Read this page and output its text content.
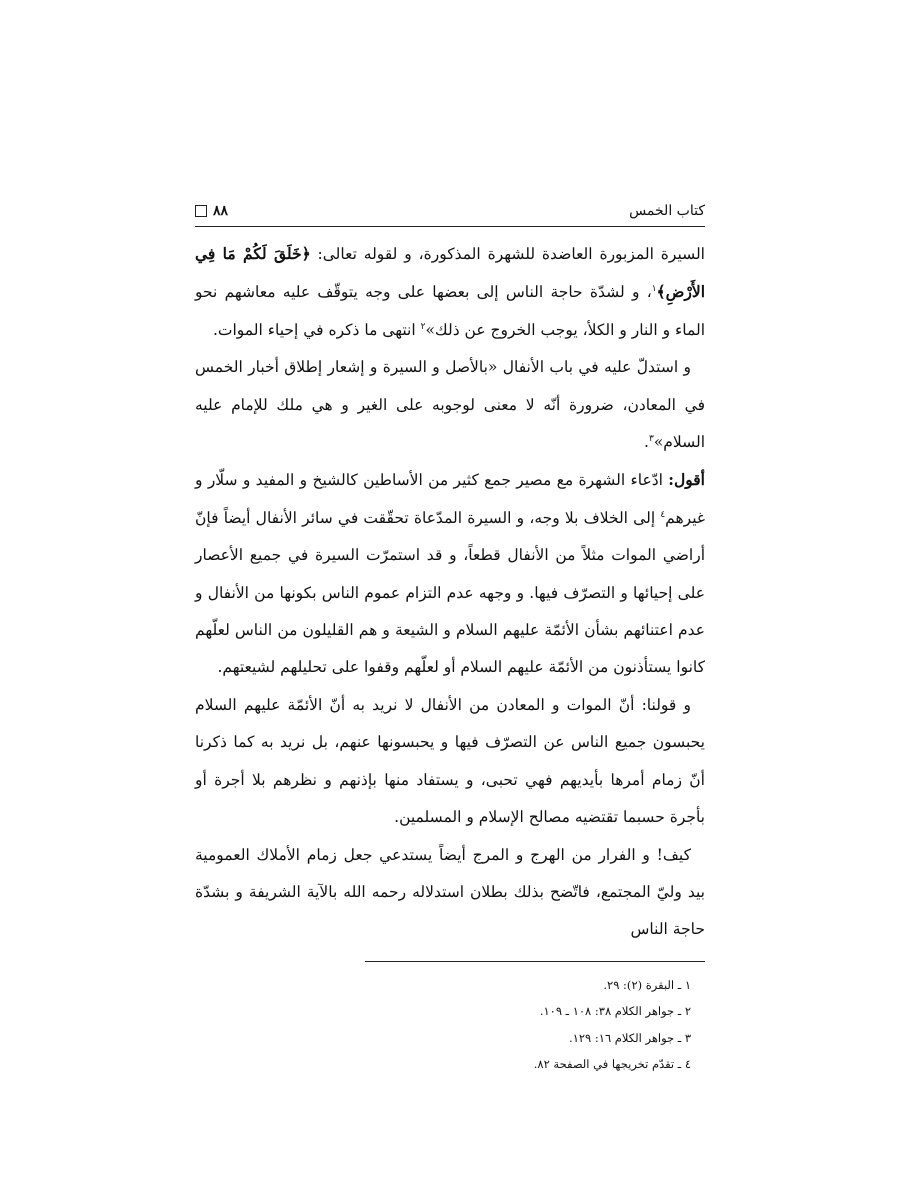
كتاب الخمس
٨٨

السيرة المزبورة العاضدة للشهرة المذكورة، و لقوله تعالى: ﴿خَلَقَ لَكُمْ مَا فِي الأَرْضِ﴾$^١$، و لشدّة حاجة الناس إلى بعضها على وجه يتوقّف عليه معاشهم نحو الماء و النار و الكلأ، يوجب الخروج عن ذلك»$^٢$ انتهى ما ذكره في إحياء الموات.

و استدلّ عليه في باب الأنفال «بالأصل و السيرة و إشعار إطلاق أخبار الخمس في المعادن، ضرورة أنّه لا معنى لوجوبه على الغير و هي ملك للإمام عليه السلام»$^٣$.

أقول: ادّعاء الشهرة مع مصير جمع كثير من الأساطين كالشيخ و المفيد و سلّار و غيرهم$^٤$ إلى الخلاف بلا وجه، و السيرة المدّعاة تحقّقت في سائر الأنفال أيضاً فإنّ أراضي الموات مثلاً من الأنفال قطعاً، و قد استمرّت السيرة في جميع الأعصار على إحيائها و التصرّف فيها. و وجهه عدم التزام عموم الناس بكونها من الأنفال و عدم اعتنائهم بشأن الأئمّة عليهم السلام و الشيعة و هم القليلون من الناس لعلّهم كانوا يستأذنون من الأئمّة عليهم السلام أو لعلّهم وقفوا على تحليلهم لشيعتهم.

و قولنا: أنّ الموات و المعادن من الأنفال لا نريد به أنّ الأئمّة عليهم السلام يحبسون جميع الناس عن التصرّف فيها و يحبسونها عنهم، بل نريد به كما ذكرنا أنّ زمام أمرها بأيديهم فهي تحبى، و يستفاد منها بإذنهم و نظرهم بلا أجرة أو بأجرة حسبما تقتضيه مصالح الإسلام و المسلمين.

كيف! و الفرار من الهرج و المرج أيضاً يستدعي جعل زمام الأملاك العمومية بيد وليّ المجتمع، فاتّضح بذلك بطلان استدلاله رحمه الله بالآية الشريفة و بشدّة حاجة الناس

١ ـ البقرة (٢): ٢٩.
٢ ـ جواهر الكلام ٣٨: ١٠٨ ـ ١٠٩.
٣ ـ جواهر الكلام ١٦: ١٢٩.
٤ ـ تقدّم تخريجها في الصفحة ٨٢.
